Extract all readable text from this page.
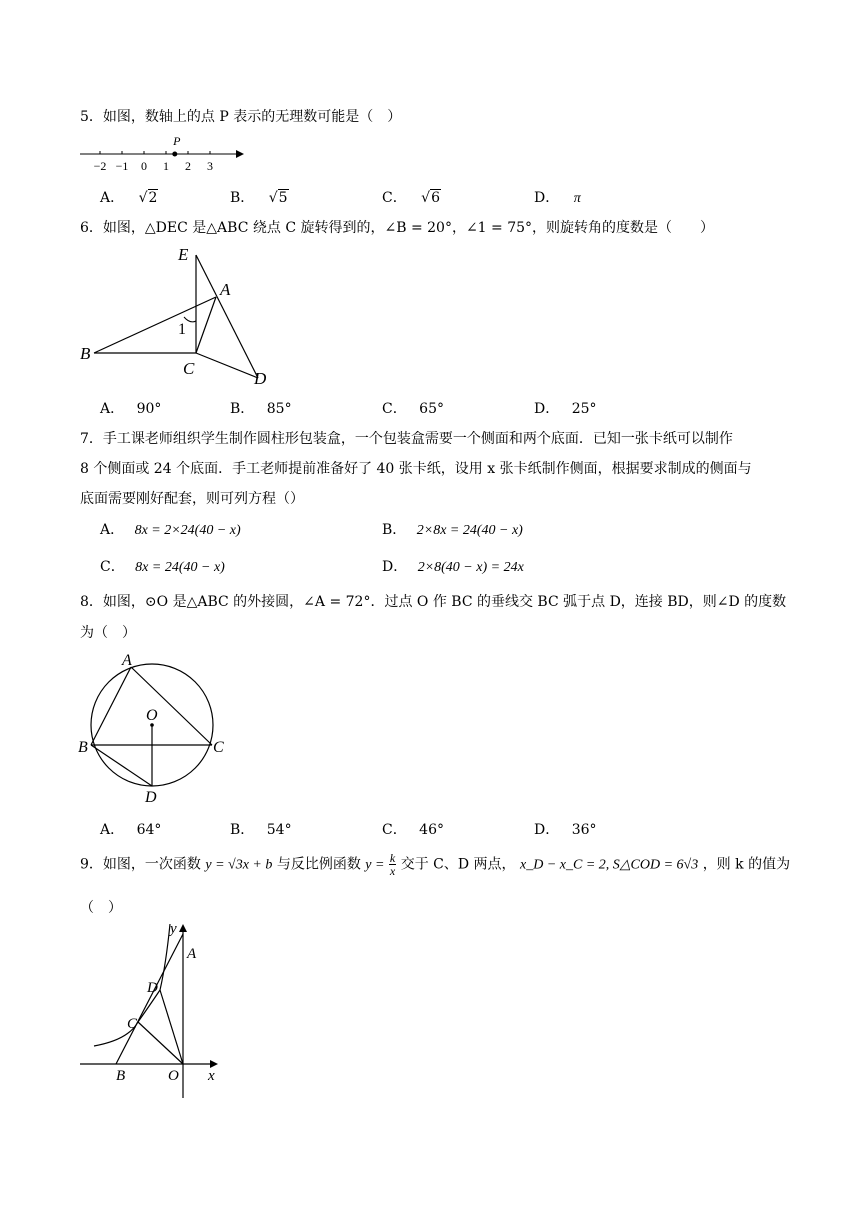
5．如图，数轴上的点 P 表示的无理数可能是（　）
−2 −1 0 1 2 3
P
A． √2	B． √5	C． √6	D． π
6．如图，△DEC 是△ABC 绕点 C 旋转得到的，∠B = 20°，∠1 = 75°，则旋转角的度数是（　　）
E
A
1
B
C
D
A． 90°	B． 85°	C． 65°	D． 25°
7．手工课老师组织学生制作圆柱形包装盒，一个包装盒需要一个侧面和两个底面．已知一张卡纸可以制作
8 个侧面或 24 个底面．手工老师提前准备好了 40 张卡纸，设用 x 张卡纸制作侧面，根据要求制成的侧面与
底面需要刚好配套，则可列方程（）
A． 8x = 2×24(40 − x)	B． 2×8x = 24(40 − x)
C． 8x = 24(40 − x)	D． 2×8(40 − x) = 24x
8．如图，⊙O 是△ABC 的外接圆，∠A = 72°．过点 O 作 BC 的垂线交 BC 弧于点 D，连接 BD，则∠D 的度数
为（　）
A
O
B	C
D
A． 64°	B． 54°	C． 46°	D． 36°
9．如图，一次函数 y = √3x + b 与反比例函数 $y = \frac{k}{x}$ 交于 C、D 两点， x_D − x_C = 2, S△COD = 6√3 ，则 k 的值为
（　）
y
A
D
C
B	O x
